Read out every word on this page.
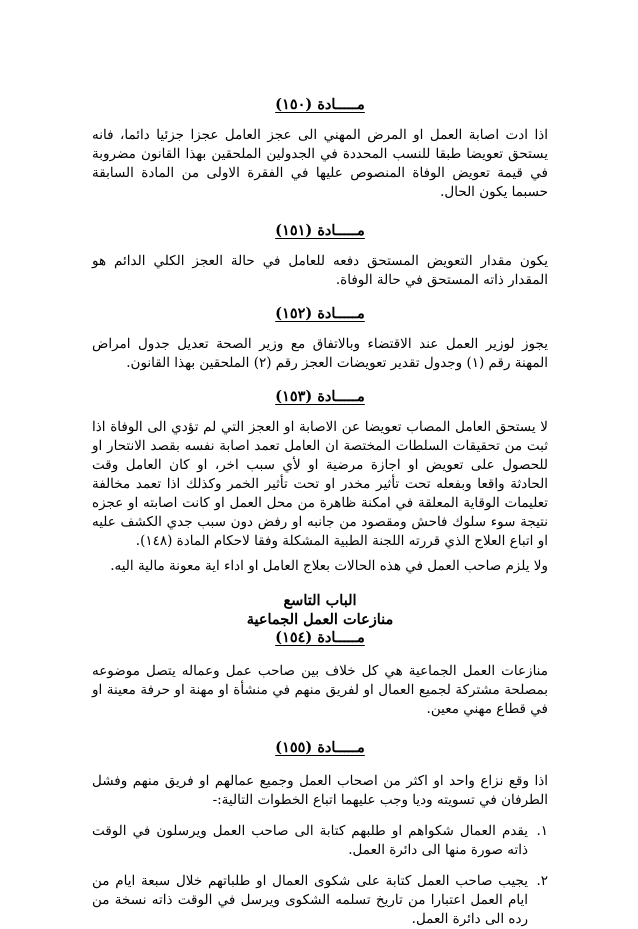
مـــــادة (١٥٠)

اذا ادت اصابة العمل او المرض المهني الى عجز العامل عجزا جزئيا دائما، فانه يستحق تعويضا طبقا للنسب المحددة في الجدولين الملحقين بهذا القانون مضروبة في قيمة تعويض الوفاة المنصوص عليها في الفقرة الاولى من المادة السابقة حسبما يكون الحال.

مـــــادة (١٥١)

يكون مقدار التعويض المستحق دفعه للعامل في حالة العجز الكلي الدائم هو المقدار ذاته المستحق في حالة الوفاة.

مـــــادة (١٥٢)

يجوز لوزير العمل عند الاقتضاء وبالاتفاق مع وزير الصحة تعديل جدول امراض المهنة رقم (١) وجدول تقدير تعويضات العجز رقم (٢) الملحقين بهذا القانون.

مـــــادة (١٥٣)

لا يستحق العامل المصاب تعويضا عن الاصابة او العجز التي لم تؤدي الى الوفاة اذا ثبت من تحقيقات السلطات المختصة ان العامل تعمد اصابة نفسه بقصد الانتحار او للحصول على تعويض او اجازة مرضية او لأي سبب اخر، او كان العامل وقت الحادثة واقعا وبفعله تحت تأثير مخدر او تحت تأثير الخمر وكذلك اذا تعمد مخالفة تعليمات الوقاية المعلقة في امكنة ظاهرة من محل العمل او كانت اصابته او عجزه نتيجة سوء سلوك فاحش ومقصود من جانبه او رفض دون سبب جدي الكشف عليه او اتباع العلاج الذي قررته اللجنة الطبية المشكلة وفقا لاحكام المادة (١٤٨).

ولا يلزم صاحب العمل في هذه الحالات بعلاج العامل او اداء اية معونة مالية اليه.

الباب التاسع

منازعات العمل الجماعية

مـــــادة (١٥٤)

منازعات العمل الجماعية هي كل خلاف بين صاحب عمل وعماله يتصل موضوعه بمصلحة مشتركة لجميع العمال او لفريق منهم في منشأة او مهنة او حرفة معينة او في قطاع مهني معين.

مـــــادة (١٥٥)

اذا وقع نزاع واحد او اكثر من اصحاب العمل وجميع عمالهم او فريق منهم وفشل الطرفان في تسويته وديا وجب عليهما اتباع الخطوات التالية:-

١.
يقدم العمال شكواهم او طلبهم كتابة الى صاحب العمل ويرسلون في الوقت ذاته صورة منها الى دائرة العمل.
٢.
يجيب صاحب العمل كتابة على شكوى العمال او طلباتهم خلال سبعة ايام من ايام العمل اعتبارا من تاريخ تسلمه الشكوى ويرسل في الوقت ذاته نسخة من رده الى دائرة العمل.
